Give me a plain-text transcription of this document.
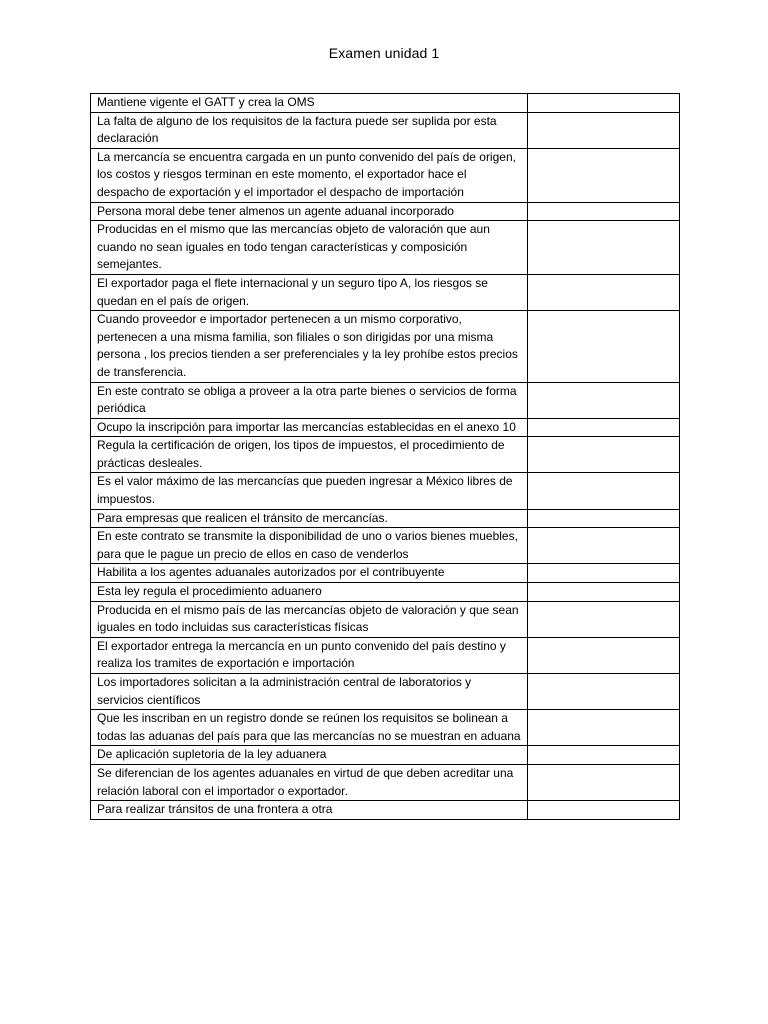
Examen unidad 1
Mantiene vigente el GATT y crea la OMS	
La falta de alguno de los requisitos de la factura puede ser suplida por esta declaración	
La mercancía se encuentra cargada en un punto convenido del país de origen, los costos y riesgos terminan en este momento, el exportador hace el despacho de exportación y el importador el despacho de importación	
Persona moral debe tener almenos un agente aduanal incorporado	
Producidas en el mismo que las mercancías objeto de valoración que aun cuando no sean iguales en todo tengan características y composición semejantes.	
El exportador paga el flete internacional y un seguro tipo A, los riesgos se quedan en el país de origen.	
Cuando proveedor e importador pertenecen a un mismo corporativo, pertenecen a una misma familia, son filiales o son dirigidas por una misma persona , los precios tienden a ser preferenciales y la ley prohíbe estos precios de transferencia.	
En este contrato se obliga a proveer a la otra parte bienes o servicios de forma periódica	
Ocupo la inscripción para importar las mercancías establecidas en el anexo 10	
Regula la certificación de origen, los tipos de impuestos, el procedimiento de prácticas desleales.	
Es el valor máximo de las mercancías que pueden ingresar a México libres de impuestos.	
Para empresas que realicen el tránsito de mercancías.	
En este contrato se transmite la disponibilidad de uno o varios bienes muebles, para que le pague un precio de ellos en caso de venderlos	
Habilita a los agentes aduanales autorizados por el contribuyente	
Esta ley regula el procedimiento aduanero	
Producida en el mismo país de las mercancías objeto de valoración y que sean iguales en todo incluidas sus características físicas	
El exportador entrega la mercancía en un punto convenido del país destino y realiza los tramites de exportación e importación	
Los importadores solicitan a la administración central de laboratorios y servicios científicos	
Que les inscriban en un registro donde se reúnen los requisitos se bolinean a todas las aduanas del país para que las mercancías no se muestran en aduana	
De aplicación supletoria de la ley aduanera	
Se diferencian de los agentes aduanales en virtud de que deben acreditar una relación laboral con el importador o exportador.	
Para realizar tránsitos de una frontera a otra	
